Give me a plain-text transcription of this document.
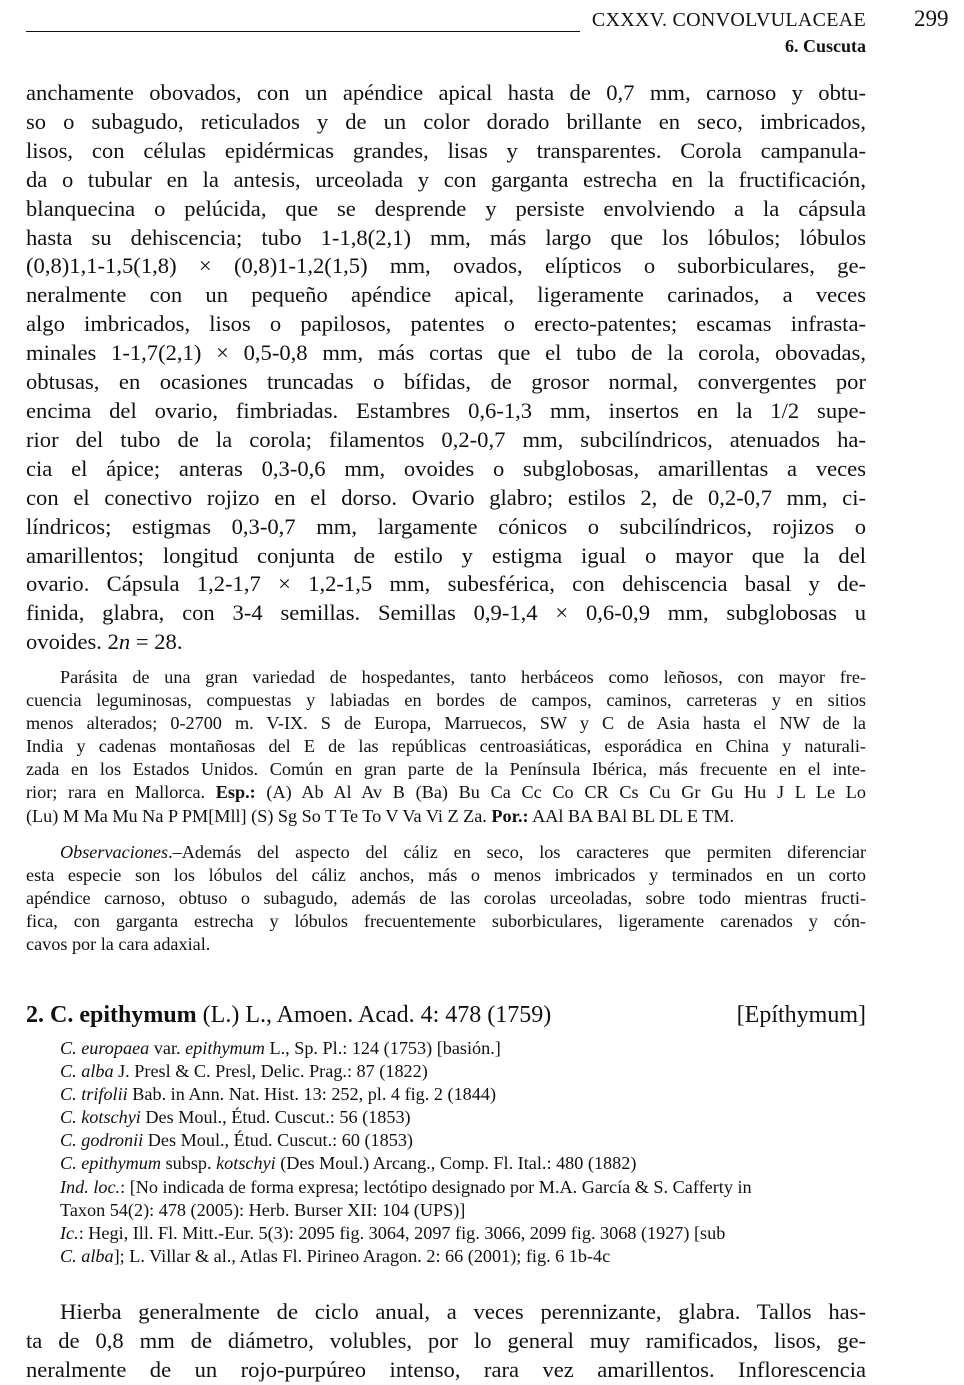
CXXXV. CONVOLVULACEAE 299
6. Cuscuta
anchamente obovados, con un apéndice apical hasta de 0,7 mm, carnoso y obtu-
so o subagudo, reticulados y de un color dorado brillante en seco, imbricados,
lisos, con células epidérmicas grandes, lisas y transparentes. Corola campanula-
da o tubular en la antesis, urceolada y con garganta estrecha en la fructificación,
blanquecina o pelúcida, que se desprende y persiste envolviendo a la cápsula
hasta su dehiscencia; tubo 1-1,8(2,1) mm, más largo que los lóbulos; lóbulos
(0,8)1,1-1,5(1,8) × (0,8)1-1,2(1,5) mm, ovados, elípticos o suborbiculares, ge-
neralmente con un pequeño apéndice apical, ligeramente carinados, a veces
algo imbricados, lisos o papilosos, patentes o erecto-patentes; escamas infrasta-
minales 1-1,7(2,1) × 0,5-0,8 mm, más cortas que el tubo de la corola, obovadas,
obtusas, en ocasiones truncadas o bífidas, de grosor normal, convergentes por
encima del ovario, fimbriadas. Estambres 0,6-1,3 mm, insertos en la 1/2 supe-
rior del tubo de la corola; filamentos 0,2-0,7 mm, subcilíndricos, atenuados ha-
cia el ápice; anteras 0,3-0,6 mm, ovoides o subglobosas, amarillentas a veces
con el conectivo rojizo en el dorso. Ovario glabro; estilos 2, de 0,2-0,7 mm, ci-
líndricos; estigmas 0,3-0,7 mm, largamente cónicos o subcilíndricos, rojizos o
amarillentos; longitud conjunta de estilo y estigma igual o mayor que la del
ovario. Cápsula 1,2-1,7 × 1,2-1,5 mm, subesférica, con dehiscencia basal y de-
finida, glabra, con 3-4 semillas. Semillas 0,9-1,4 × 0,6-0,9 mm, subglobosas u
ovoides. 2n = 28.
Parásita de una gran variedad de hospedantes, tanto herbáceos como leñosos, con mayor fre-
cuencia leguminosas, compuestas y labiadas en bordes de campos, caminos, carreteras y en sitios
menos alterados; 0-2700 m. V-IX. S de Europa, Marruecos, SW y C de Asia hasta el NW de la
India y cadenas montañosas del E de las repúblicas centroasiáticas, esporádica en China y naturali-
zada en los Estados Unidos. Común en gran parte de la Península Ibérica, más frecuente en el inte-
rior; rara en Mallorca. Esp.: (A) Ab Al Av B (Ba) Bu Ca Cc Co CR Cs Cu Gr Gu Hu J L Le Lo
(Lu) M Ma Mu Na P PM[Mll] (S) Sg So T Te To V Va Vi Z Za. Por.: AAl BA BAl BL DL E TM.
Observaciones.–Además del aspecto del cáliz en seco, los caracteres que permiten diferenciar
esta especie son los lóbulos del cáliz anchos, más o menos imbricados y terminados en un corto
apéndice carnoso, obtuso o subagudo, además de las corolas urceoladas, sobre todo mientras fructi-
fica, con garganta estrecha y lóbulos frecuentemente suborbiculares, ligeramente carenados y cón-
cavos por la cara adaxial.
2. C. epithymum (L.) L., Amoen. Acad. 4: 478 (1759)	[Epíthymum]
C. europaea var. epithymum L., Sp. Pl.: 124 (1753) [basión.]
C. alba J. Presl & C. Presl, Delic. Prag.: 87 (1822)
C. trifolii Bab. in Ann. Nat. Hist. 13: 252, pl. 4 fig. 2 (1844)
C. kotschyi Des Moul., Étud. Cuscut.: 56 (1853)
C. godronii Des Moul., Étud. Cuscut.: 60 (1853)
C. epithymum subsp. kotschyi (Des Moul.) Arcang., Comp. Fl. Ital.: 480 (1882)
Ind. loc.: [No indicada de forma expresa; lectótipo designado por M.A. García & S. Cafferty in
Taxon 54(2): 478 (2005): Herb. Burser XII: 104 (UPS)]
Ic.: Hegi, Ill. Fl. Mitt.-Eur. 5(3): 2095 fig. 3064, 2097 fig. 3066, 2099 fig. 3068 (1927) [sub
C. alba]; L. Villar & al., Atlas Fl. Pirineo Aragon. 2: 66 (2001); fig. 6 1b-4c
Hierba generalmente de ciclo anual, a veces perennizante, glabra. Tallos has-
ta de 0,8 mm de diámetro, volubles, por lo general muy ramificados, lisos, ge-
neralmente de un rojo-purpúreo intenso, rara vez amarillentos. Inflorescencia
